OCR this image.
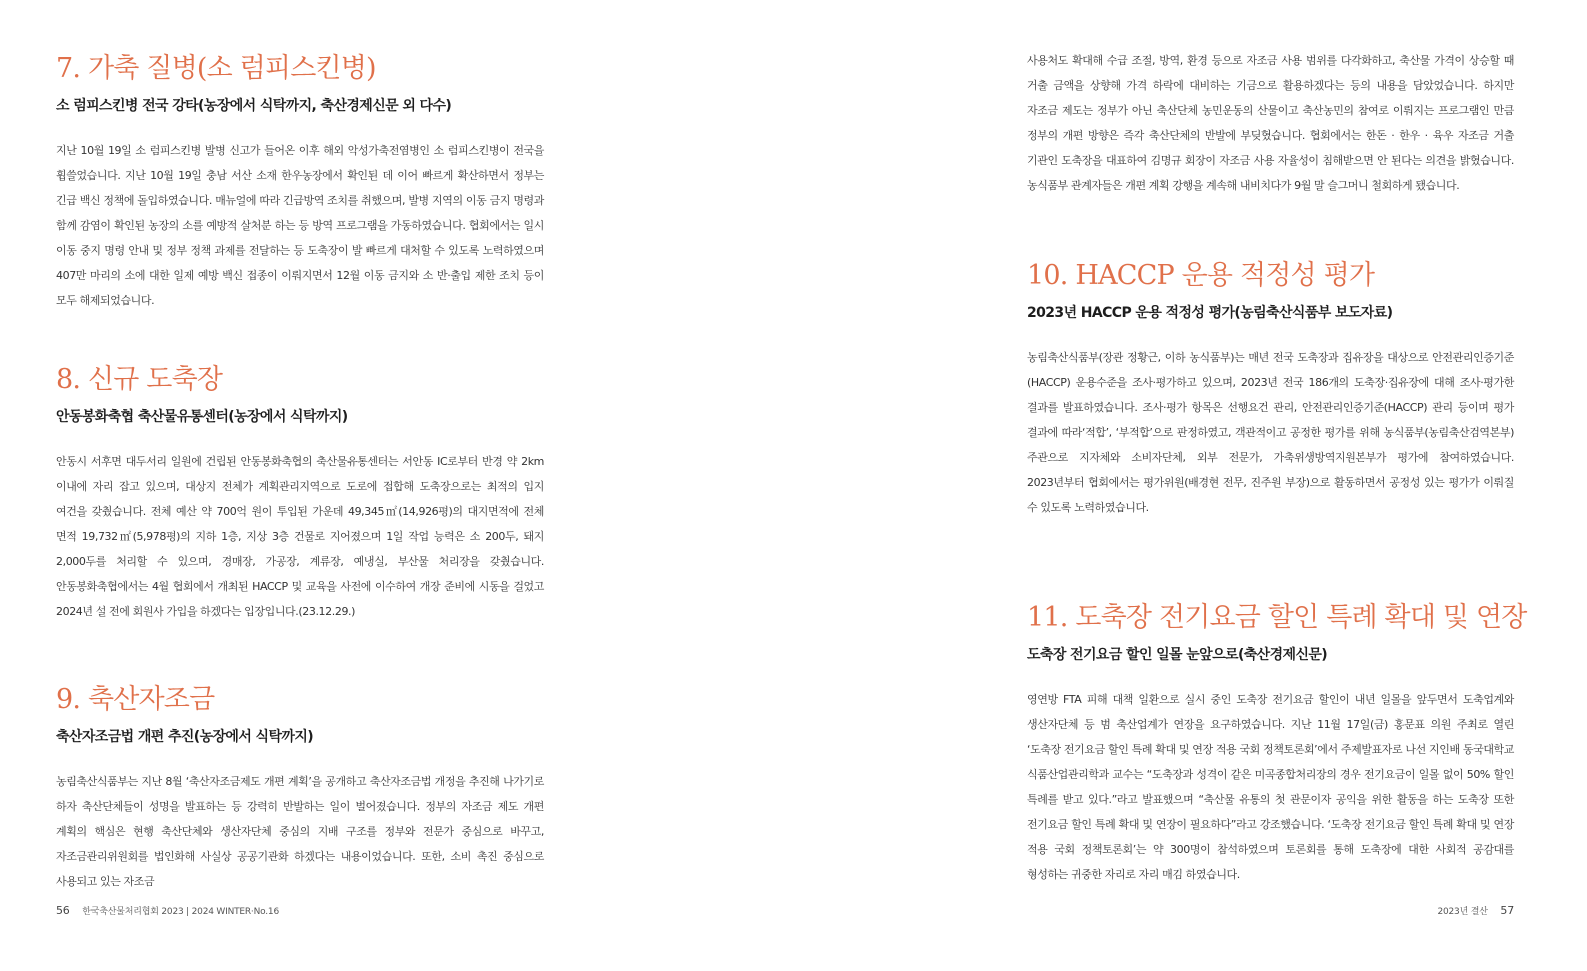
7. 가축 질병(소 럼피스킨병)
소 럼피스킨병 전국 강타(농장에서 식탁까지, 축산경제신문 외 다수)

지난 10월 19일 소 럼피스킨병 발병 신고가 들어온 이후 해외 악성가축전염병인 소 럼피스킨병이 전국을 휩쓸었습니다. 지난 10월 19일 충남 서산 소재 한우농장에서 확인된 데 이어 빠르게 확산하면서 정부는 긴급 백신 정책에 돌입하였습니다. 매뉴얼에 따라 긴급방역 조치를 취했으며, 발병 지역의 이동 금지 명령과 함께 감염이 확인된 농장의 소를 예방적 살처분 하는 등 방역 프로그램을 가동하였습니다. 협회에서는 일시 이동 중지 명령 안내 및 정부 정책 과제를 전달하는 등 도축장이 발 빠르게 대처할 수 있도록 노력하였으며 407만 마리의 소에 대한 일제 예방 백신 접종이 이뤄지면서 12월 이동 금지와 소 반·출입 제한 조치 등이 모두 해제되었습니다.

8. 신규 도축장
안동봉화축협 축산물유통센터(농장에서 식탁까지)

안동시 서후면 대두서리 일원에 건립된 안동봉화축협의 축산물유통센터는 서안동 IC로부터 반경 약 2km 이내에 자리 잡고 있으며, 대상지 전체가 계획관리지역으로 도로에 접합해 도축장으로는 최적의 입지 여건을 갖췄습니다. 전체 예산 약 700억 원이 투입된 가운데 49,345㎡(14,926평)의 대지면적에 전체 면적 19,732㎡(5,978평)의 지하 1층, 지상 3층 건물로 지어졌으며 1일 작업 능력은 소 200두, 돼지 2,000두를 처리할 수 있으며, 경매장, 가공장, 계류장, 예냉실, 부산물 처리장을 갖췄습니다. 안동봉화축협에서는 4월 협회에서 개최된 HACCP 및 교육을 사전에 이수하여 개장 준비에 시동을 걸었고 2024년 설 전에 회원사 가입을 하겠다는 입장입니다.(23.12.29.)

9. 축산자조금
축산자조금법 개편 추진(농장에서 식탁까지)

농림축산식품부는 지난 8월 ‘축산자조금제도 개편 계획’을 공개하고 축산자조금법 개정을 추진해 나가기로 하자 축산단체들이 성명을 발표하는 등 강력히 반발하는 일이 벌어졌습니다. 정부의 자조금 제도 개편 계획의 핵심은 현행 축산단체와 생산자단체 중심의 지배 구조를 정부와 전문가 중심으로 바꾸고, 자조금관리위원회를 법인화해 사실상 공공기관화 하겠다는 내용이었습니다. 또한, 소비 촉진 중심으로 사용되고 있는 자조금

56 한국축산물처리협회 2023 | 2024 WINTER·No.16

사용처도 확대해 수급 조절, 방역, 환경 등으로 자조금 사용 범위를 다각화하고, 축산물 가격이 상승할 때 거출 금액을 상향해 가격 하락에 대비하는 기금으로 활용하겠다는 등의 내용을 담았었습니다. 하지만 자조금 제도는 정부가 아닌 축산단체 농민운동의 산물이고 축산농민의 참여로 이뤄지는 프로그램인 만큼 정부의 개편 방향은 즉각 축산단체의 반발에 부딪혔습니다. 협회에서는 한돈 · 한우 · 육우 자조금 거출 기관인 도축장을 대표하여 김명규 회장이 자조금 사용 자율성이 침해받으면 안 된다는 의견을 밝혔습니다. 농식품부 관계자들은 개편 계획 강행을 계속해 내비치다가 9월 말 슬그머니 철회하게 됐습니다.

10. HACCP 운용 적정성 평가
2023년 HACCP 운용 적정성 평가(농림축산식품부 보도자료)

농림축산식품부(장관 정황근, 이하 농식품부)는 매년 전국 도축장과 집유장을 대상으로 안전관리인증기준(HACCP) 운용수준을 조사·평가하고 있으며, 2023년 전국 186개의 도축장·집유장에 대해 조사·평가한 결과를 발표하였습니다. 조사·평가 항목은 선행요건 관리, 안전관리인증기준(HACCP) 관리 등이며 평가 결과에 따라‘적합’, ‘부적합’으로 판정하였고, 객관적이고 공정한 평가를 위해 농식품부(농림축산검역본부) 주관으로 지자체와 소비자단체, 외부 전문가, 가축위생방역지원본부가 평가에 참여하였습니다. 2023년부터 협회에서는 평가위원(배경현 전무, 진주원 부장)으로 활동하면서 공정성 있는 평가가 이뤄질 수 있도록 노력하였습니다.

11. 도축장 전기요금 할인 특례 확대 및 연장
도축장 전기요금 할인 일몰 눈앞으로(축산경제신문)

영연방 FTA 피해 대책 일환으로 실시 중인 도축장 전기요금 할인이 내년 일몰을 앞두면서 도축업계와 생산자단체 등 범 축산업계가 연장을 요구하였습니다. 지난 11월 17일(금) 홍문표 의원 주최로 열린 ‘도축장 전기요금 할인 특례 확대 및 연장 적용 국회 정책토론회’에서 주제발표자로 나선 지인배 동국대학교 식품산업관리학과 교수는 “도축장과 성격이 같은 미곡종합처리장의 경우 전기요금이 일몰 없이 50% 할인 특례를 받고 있다.”라고 발표했으며 “축산물 유통의 첫 관문이자 공익을 위한 활동을 하는 도축장 또한 전기요금 할인 특례 확대 및 연장이 필요하다”라고 강조했습니다. ‘도축장 전기요금 할인 특례 확대 및 연장 적용 국회 정책토론회’는 약 300명이 참석하였으며 토론회를 통해 도축장에 대한 사회적 공감대를 형성하는 귀중한 자리로 자리 매김 하였습니다.

2023년 결산 57
